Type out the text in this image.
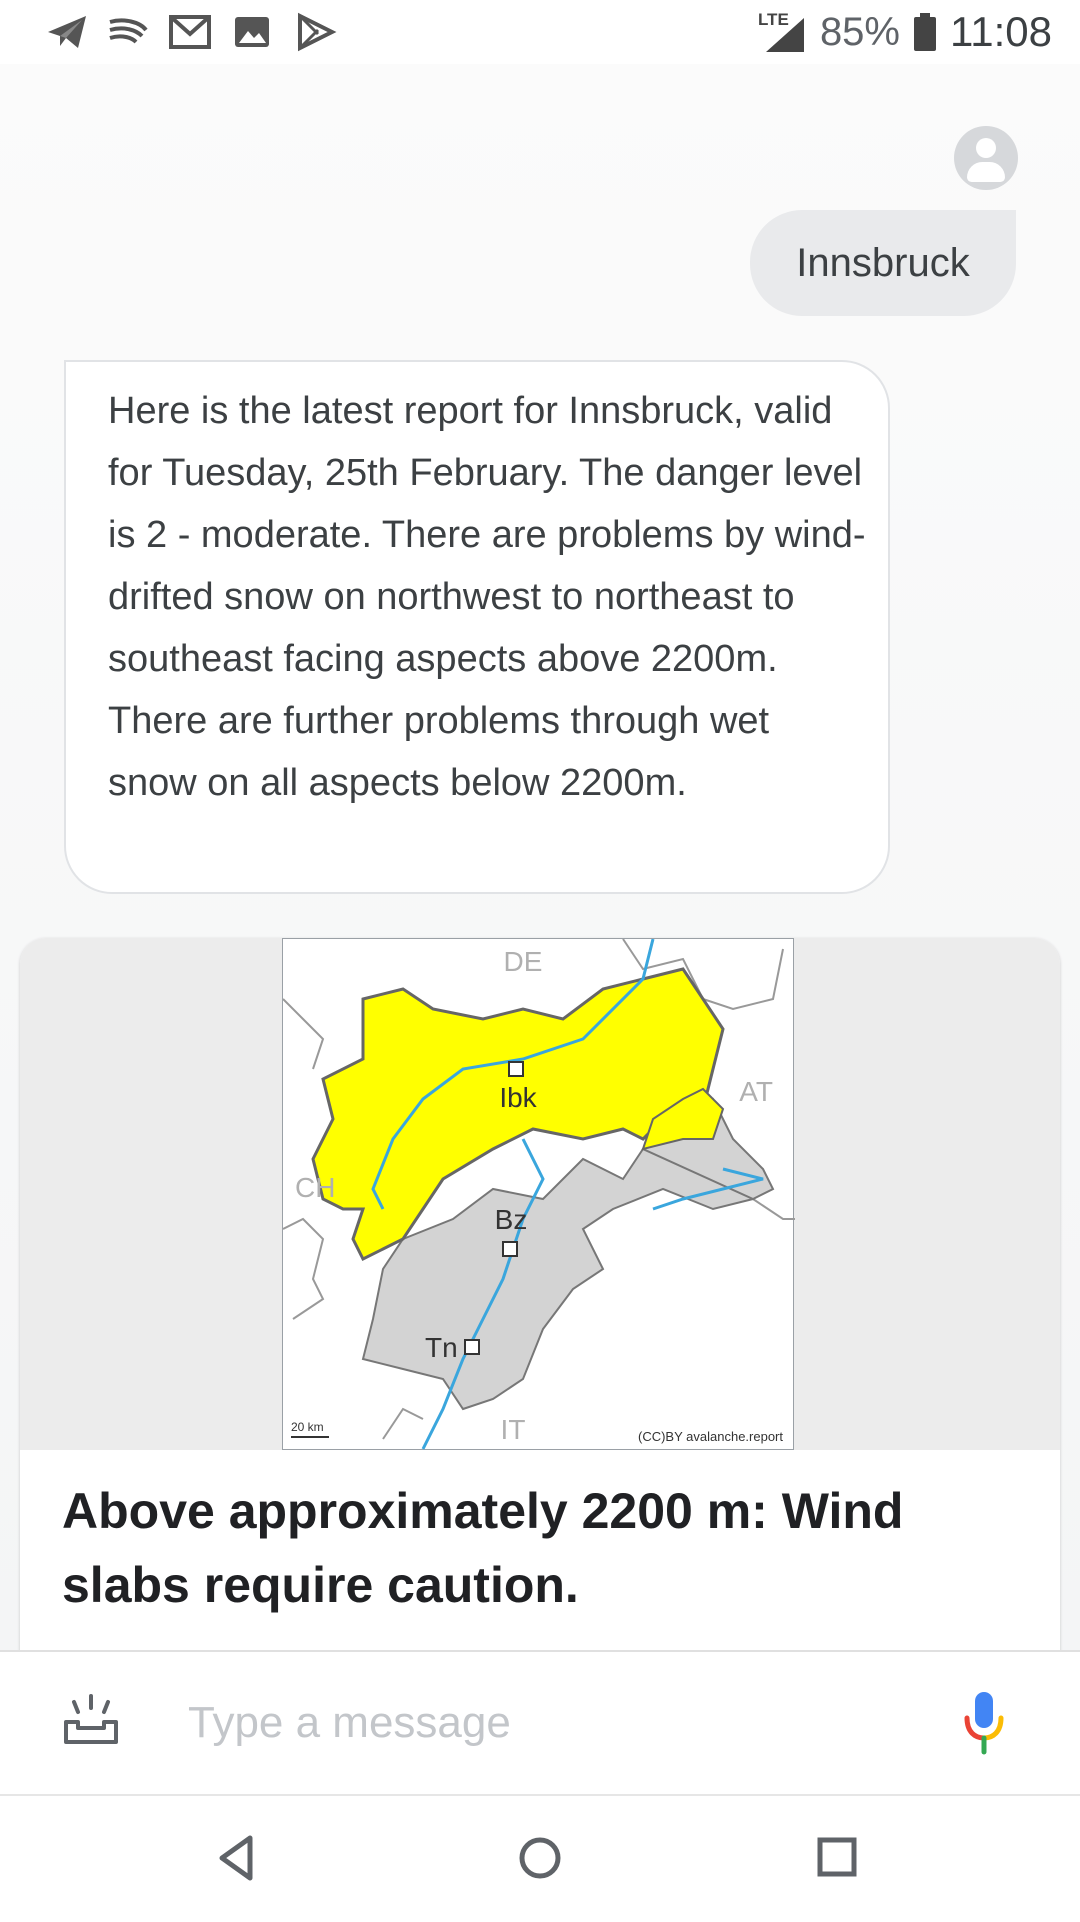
LTE 85% 11:08
Innsbruck
Here is the latest report for Innsbruck, valid for Tuesday, 25th February. The danger level is 2 - moderate. There are problems by wind-drifted snow on northwest to northeast to southeast facing aspects above 2200m. There are further problems through wet snow on all aspects below 2200m.
DE
AT
CH
IT
Ibk
Bz
Tn
20 km
(CC)BY avalanche.report
Above approximately 2200 m: Wind slabs require caution.
Type a message
